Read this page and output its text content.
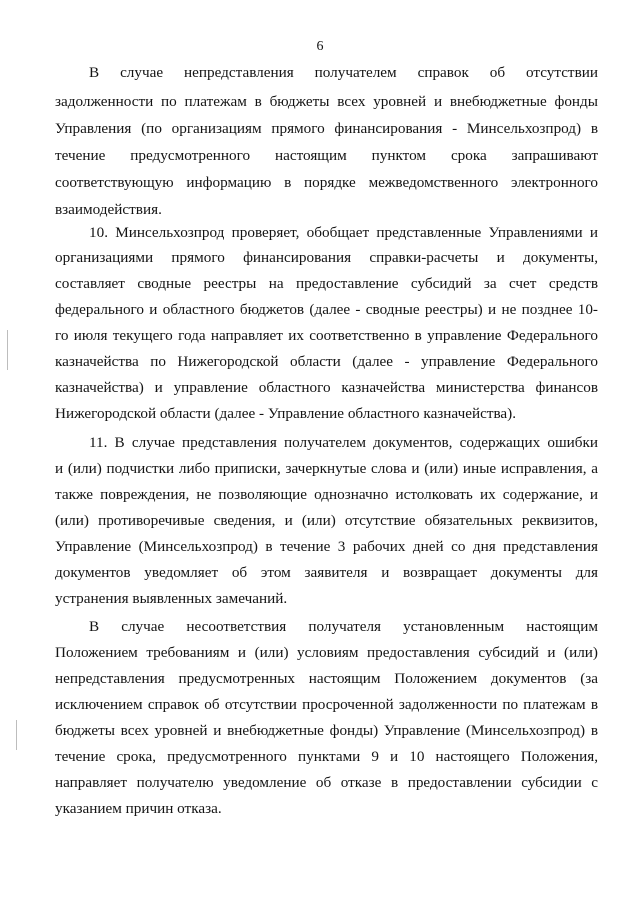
6
В случае непредставления получателем справок об отсутствии
задолженности по платежам в бюджеты всех уровней и внебюджетные фонды
Управления (по организациям прямого финансирования - Минсельхозпрод) в
течение предусмотренного настоящим пунктом срока запрашивают
соответствующую информацию в порядке межведомственного электронного
взаимодействия.
10. Минсельхозпрод проверяет, обобщает представленные Управлениями и
организациями прямого финансирования справки-расчеты и документы,
составляет сводные реестры на предоставление субсидий за счет средств
федерального и областного бюджетов (далее - сводные реестры) и не позднее 10-
го июля текущего года направляет их соответственно в управление Федерального
казначейства по Нижегородской области (далее - управление Федерального
казначейства) и управление областного казначейства министерства финансов
Нижегородской области (далее - Управление областного казначейства).
11. В случае представления получателем документов, содержащих ошибки
и (или) подчистки либо приписки, зачеркнутые слова и (или) иные исправления, а
также повреждения, не позволяющие однозначно истолковать их содержание, и
(или) противоречивые сведения, и (или) отсутствие обязательных реквизитов,
Управление (Минсельхозпрод) в течение 3 рабочих дней со дня представления
документов уведомляет об этом заявителя и возвращает документы для
устранения выявленных замечаний.
В случае несоответствия получателя установленным настоящим
Положением требованиям и (или) условиям предоставления субсидий и (или)
непредставления предусмотренных настоящим Положением документов (за
исключением справок об отсутствии просроченной задолженности по платежам в
бюджеты всех уровней и внебюджетные фонды) Управление (Минсельхозпрод) в
течение срока, предусмотренного пунктами 9 и 10 настоящего Положения,
направляет получателю уведомление об отказе в предоставлении субсидии с
указанием причин отказа.
